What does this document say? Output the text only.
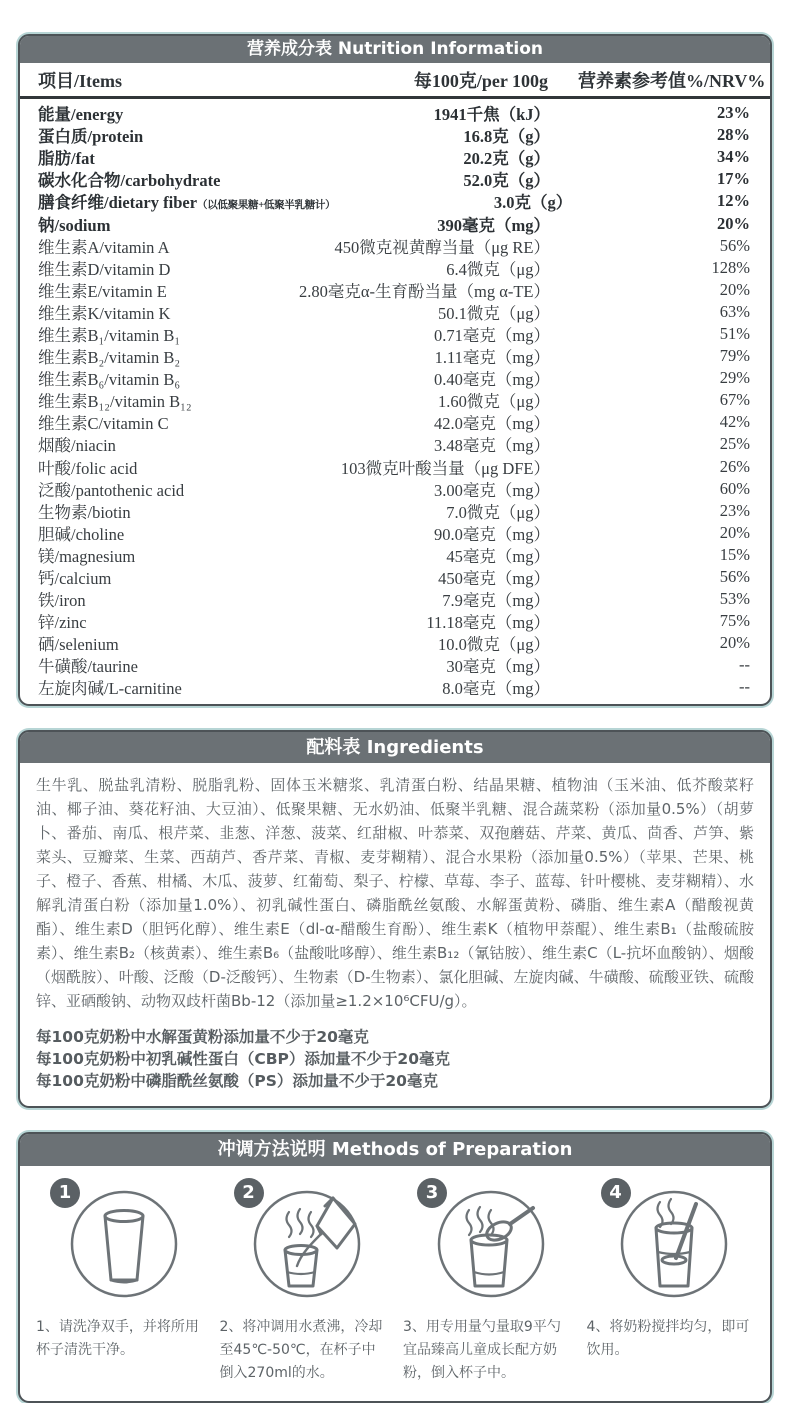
营养成分表 Nutrition Information
项目/Items	每100克/per 100g	营养素参考值%/NRV%
能量/energy	1941千焦（kJ）	23%
蛋白质/protein	16.8克（g）	28%
脂肪/fat	20.2克（g）	34%
碳水化合物/carbohydrate	52.0克（g）	17%
膳食纤维/dietary fiber（以低聚果糖+低聚半乳糖计）	3.0克（g）	12%
钠/sodium	390毫克（mg）	20%
维生素A/vitamin A	450微克视黄醇当量（μg RE）	56%
维生素D/vitamin D	6.4微克（μg）	128%
维生素E/vitamin E	2.80毫克α-生育酚当量（mg α-TE）	20%
维生素K/vitamin K	50.1微克（μg）	63%
维生素B₁/vitamin B₁	0.71毫克（mg）	51%
维生素B₂/vitamin B₂	1.11毫克（mg）	79%
维生素B₆/vitamin B₆	0.40毫克（mg）	29%
维生素B₁₂/vitamin B₁₂	1.60微克（μg）	67%
维生素C/vitamin C	42.0毫克（mg）	42%
烟酸/niacin	3.48毫克（mg）	25%
叶酸/folic acid	103微克叶酸当量（μg DFE）	26%
泛酸/pantothenic acid	3.00毫克（mg）	60%
生物素/biotin	7.0微克（μg）	23%
胆碱/choline	90.0毫克（mg）	20%
镁/magnesium	45毫克（mg）	15%
钙/calcium	450毫克（mg）	56%
铁/iron	7.9毫克（mg）	53%
锌/zinc	11.18毫克（mg）	75%
硒/selenium	10.0微克（μg）	20%
牛磺酸/taurine	30毫克（mg）	--
左旋肉碱/L-carnitine	8.0毫克（mg）	--
配料表 Ingredients
生牛乳、脱盐乳清粉、脱脂乳粉、固体玉米糖浆、乳清蛋白粉、结晶果糖、植物油（玉米油、低芥酸菜籽油、椰子油、葵花籽油、大豆油）、低聚果糖、无水奶油、低聚半乳糖、混合蔬菜粉（添加量0.5%）（胡萝卜、番茄、南瓜、根芹菜、韭葱、洋葱、菠菜、红甜椒、叶菾菜、双孢蘑菇、芹菜、黄瓜、茴香、芦笋、紫菜头、豆瓣菜、生菜、西葫芦、香芹菜、青椒、麦芽糊精）、混合水果粉（添加量0.5%）（苹果、芒果、桃子、橙子、香蕉、柑橘、木瓜、菠萝、红葡萄、梨子、柠檬、草莓、李子、蓝莓、针叶樱桃、麦芽糊精）、水解乳清蛋白粉（添加量1.0%）、初乳碱性蛋白、磷脂酰丝氨酸、水解蛋黄粉、磷脂、维生素A（醋酸视黄酯）、维生素D（胆钙化醇）、维生素E（dl-α-醋酸生育酚）、维生素K（植物甲萘醌）、维生素B₁（盐酸硫胺素）、维生素B₂（核黄素）、维生素B₆（盐酸吡哆醇）、维生素B₁₂（氰钴胺）、维生素C（L-抗坏血酸钠）、烟酸（烟酰胺）、叶酸、泛酸（D-泛酸钙）、生物素（D-生物素）、氯化胆碱、左旋肉碱、牛磺酸、硫酸亚铁、硫酸锌、亚硒酸钠、动物双歧杆菌Bb-12（添加量≥1.2×10⁶CFU/g）。
每100克奶粉中水解蛋黄粉添加量不少于20毫克
每100克奶粉中初乳碱性蛋白（CBP）添加量不少于20毫克
每100克奶粉中磷脂酰丝氨酸（PS）添加量不少于20毫克
冲调方法说明 Methods of Preparation
1
1、请洗净双手，并将所用杯子清洗干净。
2
2、将冲调用水煮沸，冷却至45℃-50℃，在杯子中倒入270ml的水。
3
3、用专用量勺量取9平勺宜品臻高儿童成长配方奶粉，倒入杯子中。
4
4、将奶粉搅拌均匀，即可饮用。
